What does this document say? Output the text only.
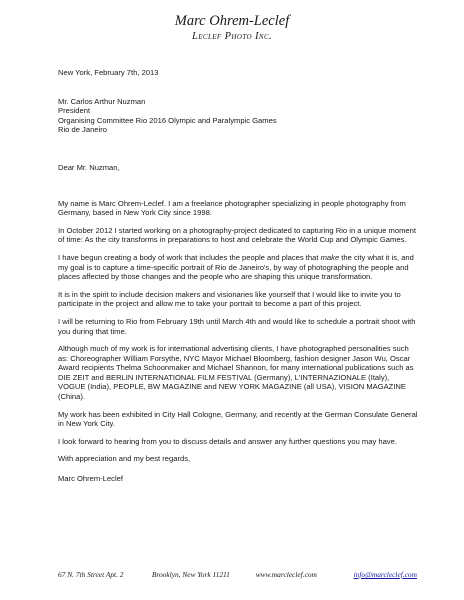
Marc Ohrem-Leclef
Leclef Photo Inc.

New York, February 7th, 2013

Mr. Carlos Arthur Nuzman
President
Organising Committee Rio 2016 Olympic and Paralympic Games
Rio de Janeiro

Dear Mr. Nuzman,

My name is Marc Ohrem-Leclef. I am a freelance photographer specializing in people photography from Germany, based in New York City since 1998.

In October 2012 I started working on a photography-project dedicated to capturing Rio in a unique moment of time: As the city transforms in preparations to host and celebrate the World Cup and Olympic Games.

I have begun creating a body of work that includes the people and places that make the city what it is, and my goal is to capture a time-specific portrait of Rio de Janeiro's, by way of photographing the people and places affected by those changes and the people who are shaping this unique transformation.

It is in the spirit to include decision makers and visionaries like yourself that I would like to invite you to participate in the project and allow me to take your portrait to become a part of this project.

I will be returning to Rio from February 19th until March 4th and would like to schedule a portrait shoot with you during that time.

Although much of my work is for international advertising clients, I have photographed personalities such as: Choreographer William Forsythe, NYC Mayor Michael Bloomberg, fashion designer Jason Wu, Oscar Award recipients Thelma Schoonmaker and Michael Shannon, for many international publications such as DIE ZEIT and BERLIN INTERNATIONAL FILM FESTIVAL (Germany), L'INTERNAZIONALE (Italy), VOGUE (India), PEOPLE, BW MAGAZINE and NEW YORK MAGAZINE (all USA), VISION MAGAZINE (China).

My work has been exhibited in City Hall Cologne, Germany, and recently at the German Consulate General in New York City.

I look forward to hearing from you to discuss details and answer any further questions you may have.

With appreciation and my best regards,

Marc Ohrem-Leclef

67 N. 7th Street Apt. 2	Brooklyn, New York 11211	www.marcleclef.com	info@marcleclef.com
